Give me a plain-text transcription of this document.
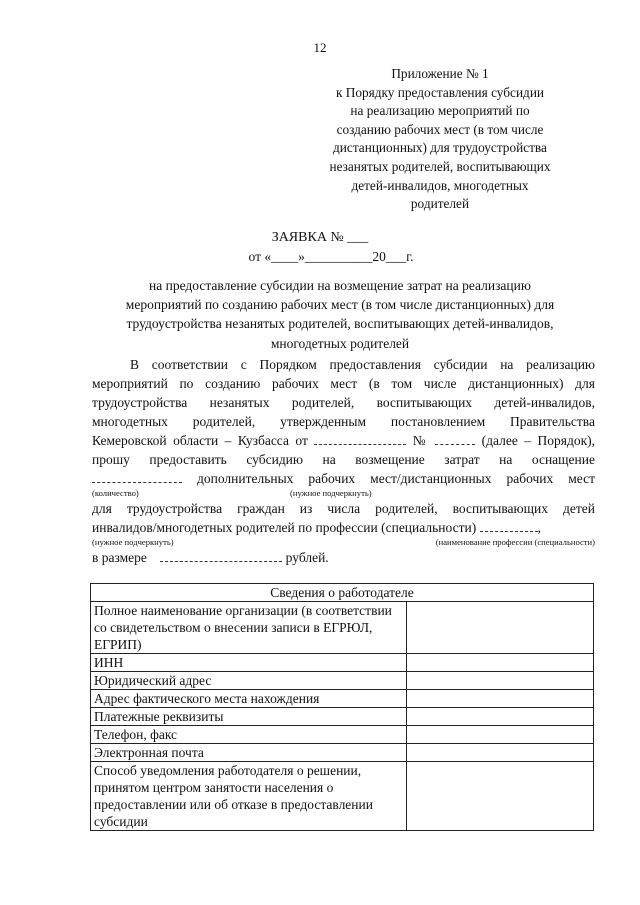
12
Приложение № 1
к Порядку предоставления субсидии
на реализацию мероприятий по
созданию рабочих мест (в том числе
дистанционных) для трудоустройства
незанятых родителей, воспитывающих
детей-инвалидов, многодетных
родителей
ЗАЯВКА № ___
от «____»__________20___г.
на предоставление субсидии на возмещение затрат на реализацию
мероприятий по созданию рабочих мест (в том числе дистанционных) для
трудоустройства незанятых родителей, воспитывающих детей-инвалидов,
многодетных родителей
В соответствии с Порядком предоставления субсидии на реализацию
мероприятий по созданию рабочих мест (в том числе дистанционных) для
трудоустройства незанятых родителей, воспитывающих детей-инвалидов,
многодетных родителей, утвержденным постановлением Правительства
Кемеровской области – Кузбасса от	№	(далее – Порядок),
прошу предоставить субсидию на возмещение затрат на оснащение
дополнительных рабочих мест/дистанционных рабочих мест
(количество)	(нужное подчеркнуть)
для трудоустройства граждан из числа родителей, воспитывающих детей
инвалидов/многодетных родителей по профессии (специальности)	,
(нужное подчеркнуть)	(наименование профессии (специальности)
в размере	рублей.
Сведения о работодателе	
Полное наименование организации (в соответствии со свидетельством о внесении записи в ЕГРЮЛ, ЕГРИП)	
ИНН	
Юридический адрес	
Адрес фактического места нахождения	
Платежные реквизиты	
Телефон, факс	
Электронная почта	
Способ уведомления работодателя о решении, принятом центром занятости населения о предоставлении или об отказе в предоставлении субсидии	
